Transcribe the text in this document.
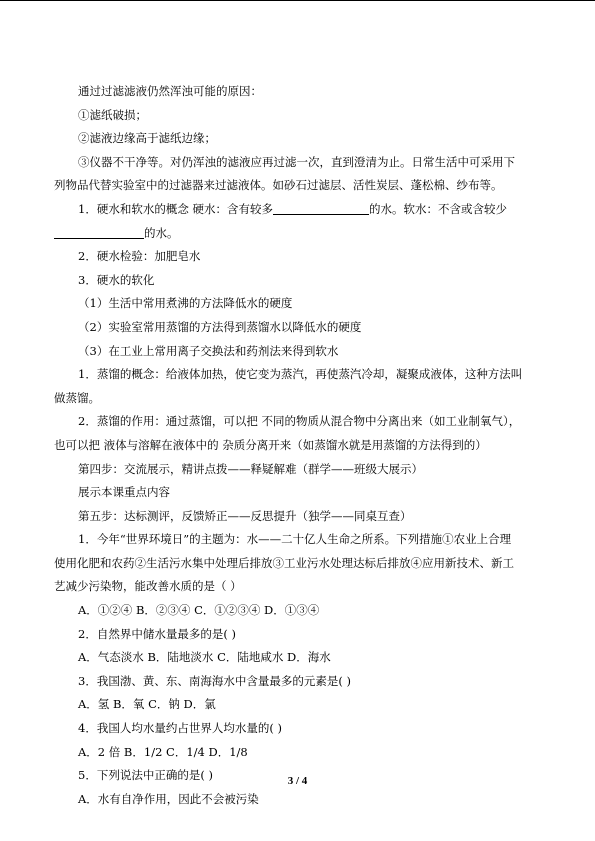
通过过滤滤液仍然浑浊可能的原因：
①滤纸破损；
②滤液边缘高于滤纸边缘；
③仪器不干净等。对仍浑浊的滤液应再过滤一次，直到澄清为止。日常生活中可采用下
列物品代替实验室中的过滤器来过滤液体。如砂石过滤层、活性炭层、蓬松棉、纱布等。
1．硬水和软水的概念 硬水：含有较多	的水。软水：不含或含较少
的水。
2．硬水检验：加肥皂水
3．硬水的软化
（1）生活中常用煮沸的方法降低水的硬度
（2）实验室常用蒸馏的方法得到蒸馏水以降低水的硬度
（3）在工业上常用离子交换法和药剂法来得到软水
1．蒸馏的概念：给液体加热，使它变为蒸汽，再使蒸汽冷却，凝聚成液体，这种方法叫
做蒸馏。
2．蒸馏的作用：通过蒸馏，可以把 不同的物质从混合物中分离出来（如工业制氧气），
也可以把 液体与溶解在液体中的 杂质分离开来（如蒸馏水就是用蒸馏的方法得到的）
第四步：交流展示，精讲点拨——释疑解难（群学——班级大展示）
展示本课重点内容
第五步：达标测评，反馈矫正——反思提升（独学——同桌互查）
1．今年“世界环境日”的主题为：水——二十亿人生命之所系。下列措施①农业上合理
使用化肥和农药②生活污水集中处理后排放③工业污水处理达标后排放④应用新技术、新工
艺减少污染物，能改善水质的是（ ）
A．①②④ B．②③④ C．①②③④ D．①③④
2．自然界中储水量最多的是( )
A．气态淡水 B．陆地淡水 C．陆地咸水 D．海水
3．我国渤、黄、东、南海海水中含量最多的元素是( )
A．氢 B．氧 C．钠 D．氯
4．我国人均水量约占世界人均水量的( )
A．2 倍 B．1/2 C．1/4 D．1/8
5．下列说法中正确的是( )
A．水有自净作用，因此不会被污染
3 / 4
